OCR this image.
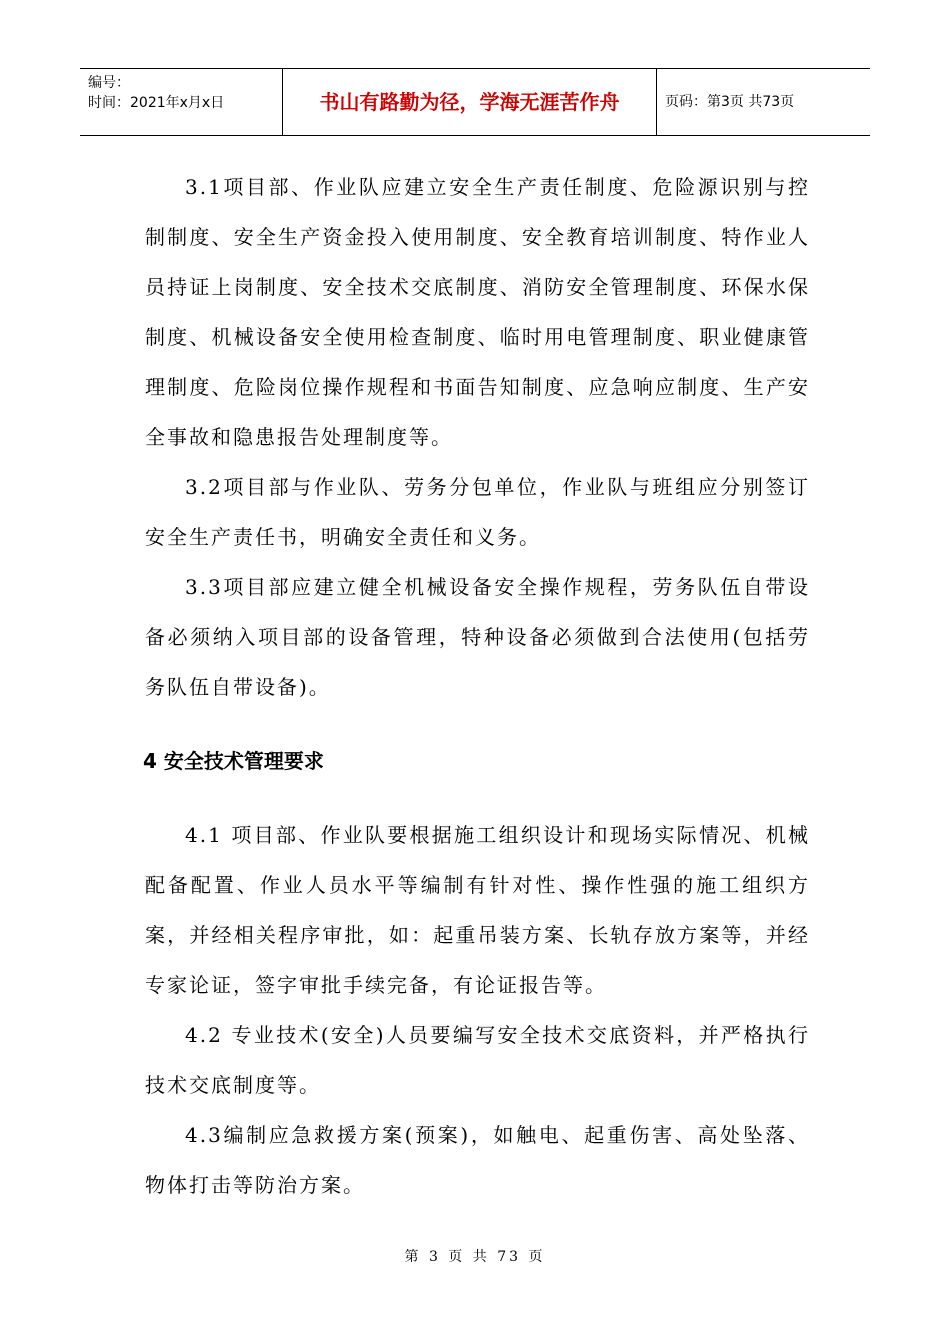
编号：
时间：2021年x月x日	书山有路勤为径，学海无涯苦作舟	页码：第3页 共73页

3.1项目部、作业队应建立安全生产责任制度、危险源识别与控制制度、安全生产资金投入使用制度、安全教育培训制度、特作业人员持证上岗制度、安全技术交底制度、消防安全管理制度、环保水保制度、机械设备安全使用检查制度、临时用电管理制度、职业健康管理制度、危险岗位操作规程和书面告知制度、应急响应制度、生产安全事故和隐患报告处理制度等。

3.2项目部与作业队、劳务分包单位，作业队与班组应分别签订安全生产责任书，明确安全责任和义务。

3.3项目部应建立健全机械设备安全操作规程，劳务队伍自带设备必须纳入项目部的设备管理，特种设备必须做到合法使用(包括劳务队伍自带设备)。

4 安全技术管理要求

4.1 项目部、作业队要根据施工组织设计和现场实际情况、机械配备配置、作业人员水平等编制有针对性、操作性强的施工组织方案，并经相关程序审批，如：起重吊装方案、长轨存放方案等，并经专家论证，签字审批手续完备，有论证报告等。

4.2 专业技术(安全)人员要编写安全技术交底资料，并严格执行技术交底制度等。

4.3编制应急救援方案(预案)，如触电、起重伤害、高处坠落、物体打击等防治方案。

第 3 页 共 73 页
